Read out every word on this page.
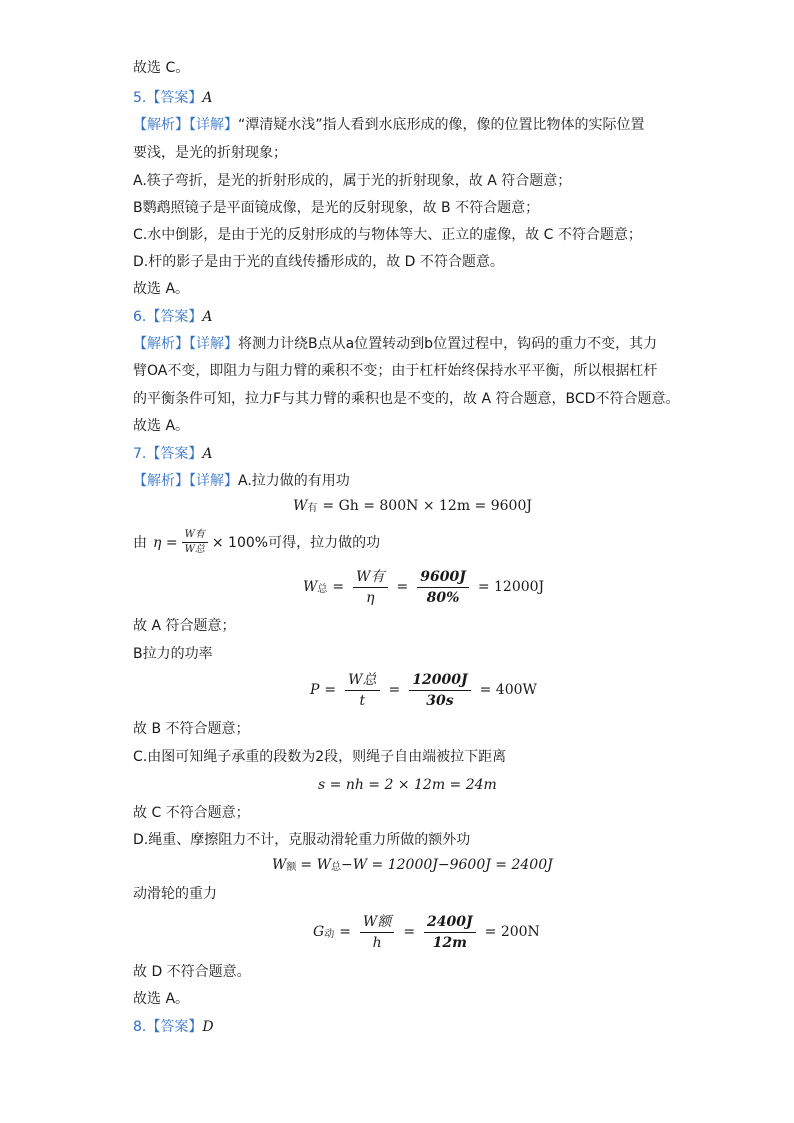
故选 C。
5.【答案】A
【解析】【详解】“潭清疑水浅”指人看到水底形成的像，像的位置比物体的实际位置
要浅，是光的折射现象；
A.筷子弯折，是光的折射形成的，属于光的折射现象，故 A 符合题意；
B鹦鹉照镜子是平面镜成像，是光的反射现象，故 B 不符合题意；
C.水中倒影，是由于光的反射形成的与物体等大、正立的虚像，故 C 不符合题意；
D.杆的影子是由于光的直线传播形成的，故 D 不符合题意。
故选 A。
6.【答案】A
【解析】【详解】将测力计绕B点从a位置转动到b位置过程中，钩码的重力不变，其力
臂OA不变，即阻力与阻力臂的乘积不变；由于杠杆始终保持水平平衡，所以根据杠杆
的平衡条件可知，拉力F与其力臂的乘积也是不变的，故 A 符合题意，BCD不符合题意。
故选 A。
7.【答案】A
【解析】【详解】A.拉力做的有用功
W 有 = Gh = 800N × 12m = 9600J
由 $\eta = \frac{\text{W有}}{\text{W总}} \times 100\%$ 可得，拉力做的功
W 总 = $\frac{\text{W有}}{\eta} = \frac{9600J}{80\%} = 12000J$
故 A 符合题意；
B拉力的功率
$P = \frac{\text{W总}}{t} = \frac{12000J}{30s} = 400W$
故 B 不符合题意；
C.由图可知绳子承重的段数为2段，则绳子自由端被拉下距离
s = nh = 2 × 12m = 24m
故 C 不符合题意；
D.绳重、摩擦阻力不计，克服动滑轮重力所做的额外功
W 额 = W 总 −W = 12000J−9600J = 2400J
动滑轮的重力
G 动 = $\frac{\text{W额}}{h} = \frac{2400J}{12m} = 200N$
故 D 不符合题意。
故选 A。
8.【答案】D
